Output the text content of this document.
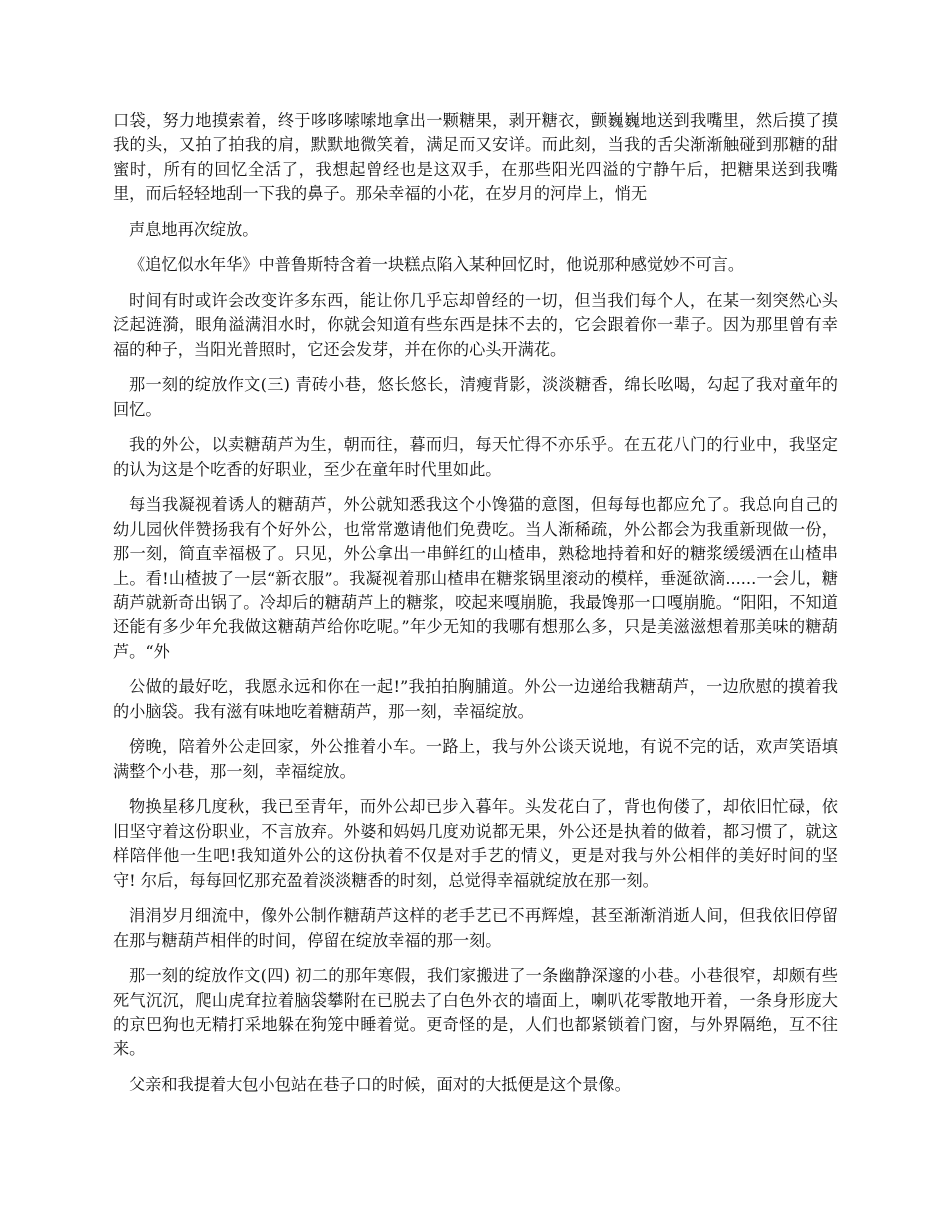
口袋，努力地摸索着，终于哆哆嗦嗦地拿出一颗糖果，剥开糖衣，颤巍巍地送到我嘴里，然后摸了摸我的头，又拍了拍我的肩，默默地微笑着，满足而又安详。而此刻，当我的舌尖渐渐触碰到那糖的甜蜜时，所有的回忆全活了，我想起曾经也是这双手，在那些阳光四溢的宁静午后，把糖果送到我嘴里，而后轻轻地刮一下我的鼻子。那朵幸福的小花，在岁月的河岸上，悄无

声息地再次绽放。

《追忆似水年华》中普鲁斯特含着一块糕点陷入某种回忆时，他说那种感觉妙不可言。

时间有时或许会改变许多东西，能让你几乎忘却曾经的一切，但当我们每个人，在某一刻突然心头泛起涟漪，眼角溢满泪水时，你就会知道有些东西是抹不去的，它会跟着你一辈子。因为那里曾有幸福的种子，当阳光普照时，它还会发芽，并在你的心头开满花。

那一刻的绽放作文(三) 青砖小巷，悠长悠长，清瘦背影，淡淡糖香，绵长吆喝，勾起了我对童年的回忆。

我的外公，以卖糖葫芦为生，朝而往，暮而归，每天忙得不亦乐乎。在五花八门的行业中，我坚定的认为这是个吃香的好职业，至少在童年时代里如此。

每当我凝视着诱人的糖葫芦，外公就知悉我这个小馋猫的意图，但每每也都应允了。我总向自己的幼儿园伙伴赞扬我有个好外公，也常常邀请他们免费吃。当人渐稀疏，外公都会为我重新现做一份，那一刻，简直幸福极了。只见，外公拿出一串鲜红的山楂串，熟稔地持着和好的糖浆缓缓洒在山楂串上。看!山楂披了一层“新衣服”。我凝视着那山楂串在糖浆锅里滚动的模样，垂涎欲滴......一会儿，糖葫芦就新奇出锅了。冷却后的糖葫芦上的糖浆，咬起来嘎崩脆，我最馋那一口嘎崩脆。“阳阳，不知道还能有多少年允我做这糖葫芦给你吃呢。”年少无知的我哪有想那么多，只是美滋滋想着那美味的糖葫芦。“外

公做的最好吃，我愿永远和你在一起!”我拍拍胸脯道。外公一边递给我糖葫芦，一边欣慰的摸着我的小脑袋。我有滋有味地吃着糖葫芦，那一刻，幸福绽放。

傍晚，陪着外公走回家，外公推着小车。一路上，我与外公谈天说地，有说不完的话，欢声笑语填满整个小巷，那一刻，幸福绽放。

物换星移几度秋，我已至青年，而外公却已步入暮年。头发花白了，背也佝偻了，却依旧忙碌，依旧坚守着这份职业，不言放弃。外婆和妈妈几度劝说都无果，外公还是执着的做着，都习惯了，就这样陪伴他一生吧!我知道外公的这份执着不仅是对手艺的情义，更是对我与外公相伴的美好时间的坚守! 尔后，每每回忆那充盈着淡淡糖香的时刻，总觉得幸福就绽放在那一刻。

涓涓岁月细流中，像外公制作糖葫芦这样的老手艺已不再辉煌，甚至渐渐消逝人间，但我依旧停留在那与糖葫芦相伴的时间，停留在绽放幸福的那一刻。

那一刻的绽放作文(四) 初二的那年寒假，我们家搬进了一条幽静深邃的小巷。小巷很窄，却颇有些死气沉沉，爬山虎耷拉着脑袋攀附在已脱去了白色外衣的墙面上，喇叭花零散地开着，一条身形庞大的京巴狗也无精打采地躲在狗笼中睡着觉。更奇怪的是，人们也都紧锁着门窗，与外界隔绝，互不往来。

父亲和我提着大包小包站在巷子口的时候，面对的大抵便是这个景像。
